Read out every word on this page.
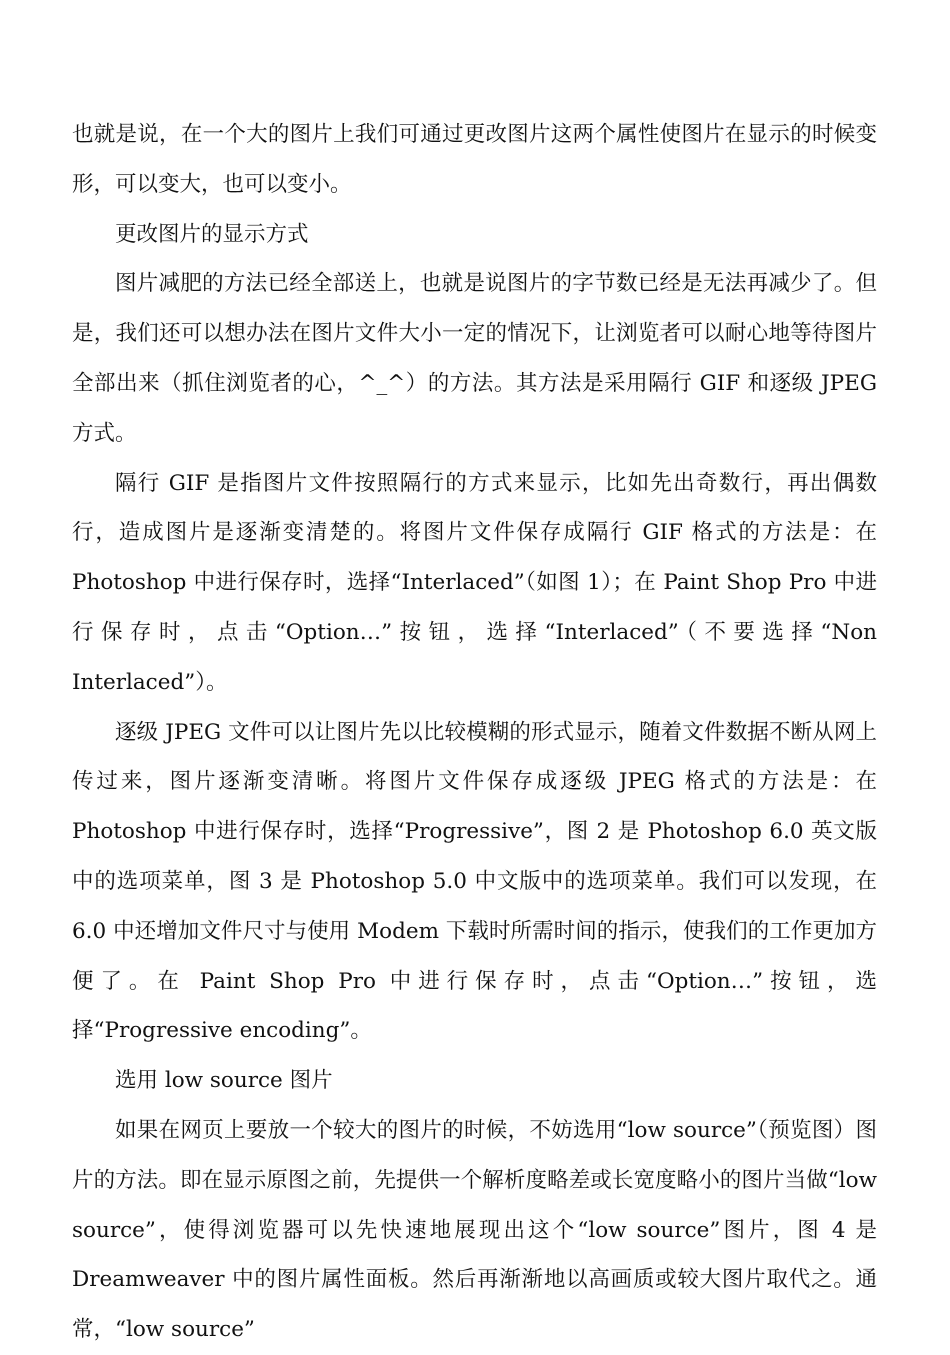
也就是说，在一个大的图片上我们可通过更改图片这两个属性使图片在显示的时候变形，可以变大，也可以变小。

更改图片的显示方式

图片减肥的方法已经全部送上，也就是说图片的字节数已经是无法再减少了。但是，我们还可以想办法在图片文件大小一定的情况下，让浏览者可以耐心地等待图片全部出来（抓住浏览者的心，^_^）的方法。其方法是采用隔行 GIF 和逐级 JPEG 方式。

隔行 GIF 是指图片文件按照隔行的方式来显示，比如先出奇数行，再出偶数行，造成图片是逐渐变清楚的。将图片文件保存成隔行 GIF 格式的方法是：在 Photoshop 中进行保存时，选择“Interlaced”（如图 1）；在 Paint Shop Pro 中进行保存时，点击“Option…”按钮，选择“Interlaced”（不要选择“Non Interlaced”）。

逐级 JPEG 文件可以让图片先以比较模糊的形式显示，随着文件数据不断从网上传过来，图片逐渐变清晰。将图片文件保存成逐级 JPEG 格式的方法是：在 Photoshop 中进行保存时，选择“Progressive”，图 2 是 Photoshop 6.0 英文版中的选项菜单，图 3 是 Photoshop 5.0 中文版中的选项菜单。我们可以发现，在 6.0 中还增加文件尺寸与使用 Modem 下载时所需时间的指示，使我们的工作更加方便了。在 Paint Shop Pro 中进行保存时，点击“Option…”按钮，选择“Progressive encoding”。

选用 low source 图片

如果在网页上要放一个较大的图片的时候，不妨选用“low source”（预览图）图片的方法。即在显示原图之前，先提供一个解析度略差或长宽度略小的图片当做“low source”，使得浏览器可以先快速地展现出这个“low source”图片，图 4 是 Dreamweaver 中的图片属性面板。然后再渐渐地以高画质或较大图片取代之。通常，“low source”
